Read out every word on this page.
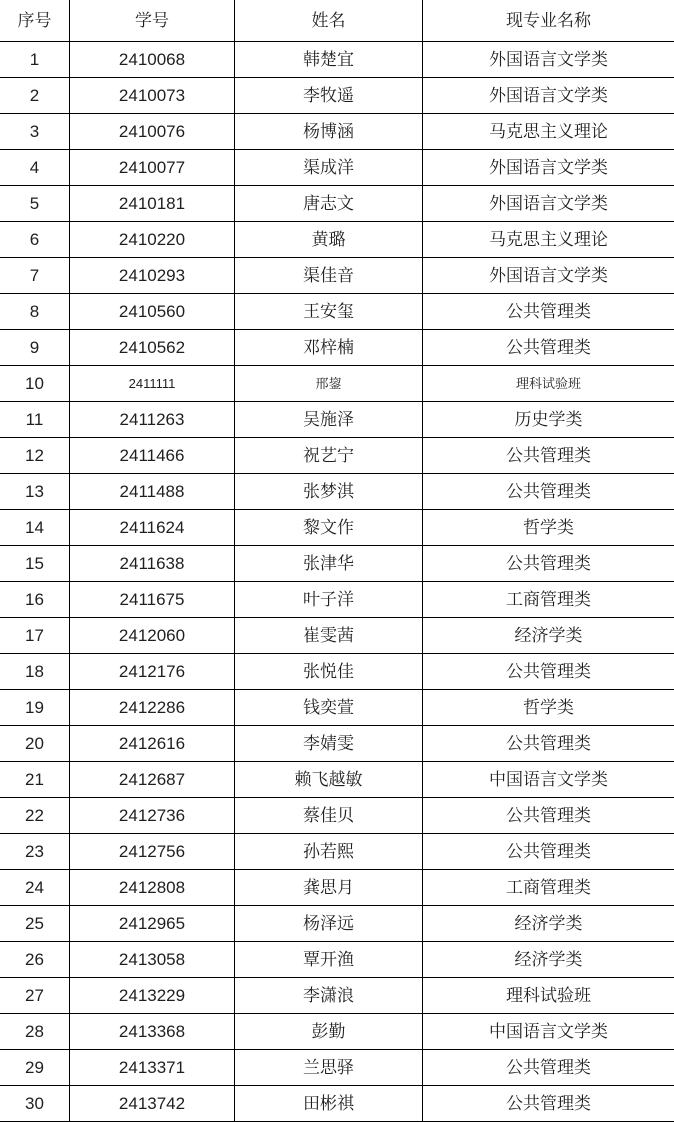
序号	学号	姓名	现专业名称
1	2410068	韩楚宜	外国语言文学类
2	2410073	李牧遥	外国语言文学类
3	2410076	杨博涵	马克思主义理论
4	2410077	渠成洋	外国语言文学类
5	2410181	唐志文	外国语言文学类
6	2410220	黄璐	马克思主义理论
7	2410293	渠佳音	外国语言文学类
8	2410560	王安玺	公共管理类
9	2410562	邓梓楠	公共管理类
10	2411111	邢鋆	理科试验班
11	2411263	吴施泽	历史学类
12	2411466	祝艺宁	公共管理类
13	2411488	张梦淇	公共管理类
14	2411624	黎文作	哲学类
15	2411638	张津华	公共管理类
16	2411675	叶子洋	工商管理类
17	2412060	崔雯茜	经济学类
18	2412176	张悦佳	公共管理类
19	2412286	钱奕萱	哲学类
20	2412616	李婧雯	公共管理类
21	2412687	赖飞越敏	中国语言文学类
22	2412736	蔡佳贝	公共管理类
23	2412756	孙若熙	公共管理类
24	2412808	龚思月	工商管理类
25	2412965	杨泽远	经济学类
26	2413058	覃开渔	经济学类
27	2413229	李潇浪	理科试验班
28	2413368	彭勤	中国语言文学类
29	2413371	兰思驿	公共管理类
30	2413742	田彬祺	公共管理类
